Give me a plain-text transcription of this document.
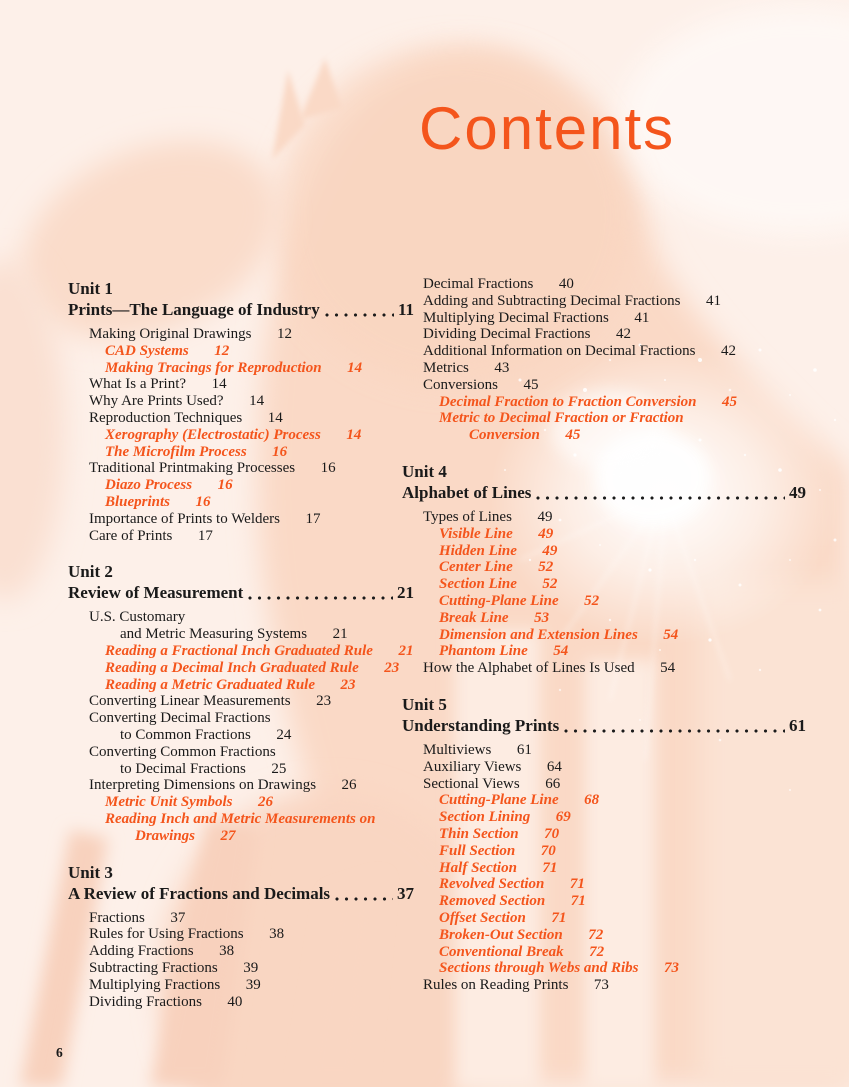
Contents
Unit 1
Prints—The Language of Industry	11
Making Original Drawings 12
CAD Systems 12
Making Tracings for Reproduction 14
What Is a Print? 14
Why Are Prints Used? 14
Reproduction Techniques 14
Xerography (Electrostatic) Process 14
The Microfilm Process 16
Traditional Printmaking Processes 16
Diazo Process 16
Blueprints 16
Importance of Prints to Welders 17
Care of Prints 17
Unit 2
Review of Measurement	21
U.S. Customary
and Metric Measuring Systems 21
Reading a Fractional Inch Graduated Rule 21
Reading a Decimal Inch Graduated Rule 23
Reading a Metric Graduated Rule 23
Converting Linear Measurements 23
Converting Decimal Fractions
to Common Fractions 24
Converting Common Fractions
to Decimal Fractions 25
Interpreting Dimensions on Drawings 26
Metric Unit Symbols 26
Reading Inch and Metric Measurements on
Drawings 27
Unit 3
A Review of Fractions and Decimals	37
Fractions 37
Rules for Using Fractions 38
Adding Fractions 38
Subtracting Fractions 39
Multiplying Fractions 39
Dividing Fractions 40
Decimal Fractions 40
Adding and Subtracting Decimal Fractions 41
Multiplying Decimal Fractions 41
Dividing Decimal Fractions 42
Additional Information on Decimal Fractions 42
Metrics 43
Conversions 45
Decimal Fraction to Fraction Conversion 45
Metric to Decimal Fraction or Fraction
Conversion 45
Unit 4
Alphabet of Lines	49
Types of Lines 49
Visible Line 49
Hidden Line 49
Center Line 52
Section Line 52
Cutting-Plane Line 52
Break Line 53
Dimension and Extension Lines 54
Phantom Line 54
How the Alphabet of Lines Is Used 54
Unit 5
Understanding Prints	61
Multiviews 61
Auxiliary Views 64
Sectional Views 66
Cutting-Plane Line 68
Section Lining 69
Thin Section 70
Full Section 70
Half Section 71
Revolved Section 71
Removed Section 71
Offset Section 71
Broken-Out Section 72
Conventional Break 72
Sections through Webs and Ribs 73
Rules on Reading Prints 73
6
